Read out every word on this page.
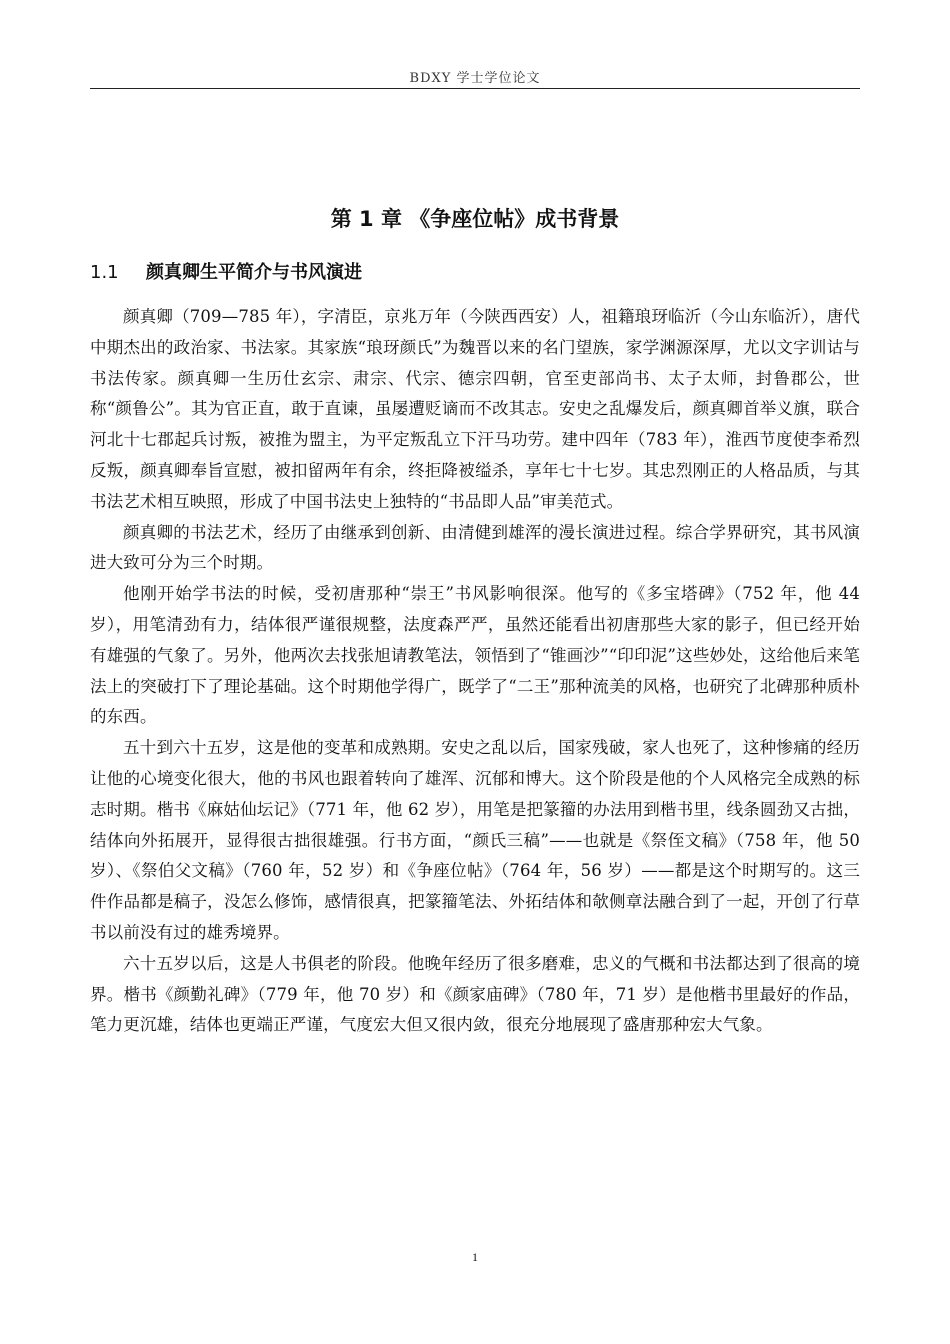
BDXY 学士学位论文
第 1 章 《争座位帖》成书背景
1.1 颜真卿生平简介与书风演进

颜真卿（709—785 年），字清臣，京兆万年（今陕西西安）人，祖籍琅玡临沂（今山东临沂），唐代中期杰出的政治家、书法家。其家族“琅玡颜氏”为魏晋以来的名门望族，家学渊源深厚，尤以文字训诂与书法传家。颜真卿一生历仕玄宗、肃宗、代宗、德宗四朝，官至吏部尚书、太子太师，封鲁郡公，世称“颜鲁公”。其为官正直，敢于直谏，虽屡遭贬谪而不改其志。安史之乱爆发后，颜真卿首举义旗，联合河北十七郡起兵讨叛，被推为盟主，为平定叛乱立下汗马功劳。建中四年（783 年），淮西节度使李希烈反叛，颜真卿奉旨宣慰，被扣留两年有余，终拒降被缢杀，享年七十七岁。其忠烈刚正的人格品质，与其书法艺术相互映照，形成了中国书法史上独特的“书品即人品”审美范式。

颜真卿的书法艺术，经历了由继承到创新、由清健到雄浑的漫长演进过程。综合学界研究，其书风演进大致可分为三个时期。

他刚开始学书法的时候，受初唐那种“崇王”书风影响很深。他写的《多宝塔碑》（752 年，他 44 岁），用笔清劲有力，结体很严谨很规整，法度森严严，虽然还能看出初唐那些大家的影子，但已经开始有雄强的气象了。另外，他两次去找张旭请教笔法，领悟到了“锥画沙”“印印泥”这些妙处，这给他后来笔法上的突破打下了理论基础。这个时期他学得广，既学了“二王”那种流美的风格，也研究了北碑那种质朴的东西。

五十到六十五岁，这是他的变革和成熟期。安史之乱以后，国家残破，家人也死了，这种惨痛的经历让他的心境变化很大，他的书风也跟着转向了雄浑、沉郁和博大。这个阶段是他的个人风格完全成熟的标志时期。楷书《麻姑仙坛记》（771 年，他 62 岁），用笔是把篆籀的办法用到楷书里，线条圆劲又古拙，结体向外拓展开，显得很古拙很雄强。行书方面，“颜氏三稿”——也就是《祭侄文稿》（758 年，他 50 岁）、《祭伯父文稿》（760 年，52 岁）和《争座位帖》（764 年，56 岁）——都是这个时期写的。这三件作品都是稿子，没怎么修饰，感情很真，把篆籀笔法、外拓结体和欹侧章法融合到了一起，开创了行草书以前没有过的雄秀境界。

六十五岁以后，这是人书俱老的阶段。他晚年经历了很多磨难，忠义的气概和书法都达到了很高的境界。楷书《颜勤礼碑》（779 年，他 70 岁）和《颜家庙碑》（780 年，71 岁）是他楷书里最好的作品，笔力更沉雄，结体也更端正严谨，气度宏大但又很内敛，很充分地展现了盛唐那种宏大气象。

1
